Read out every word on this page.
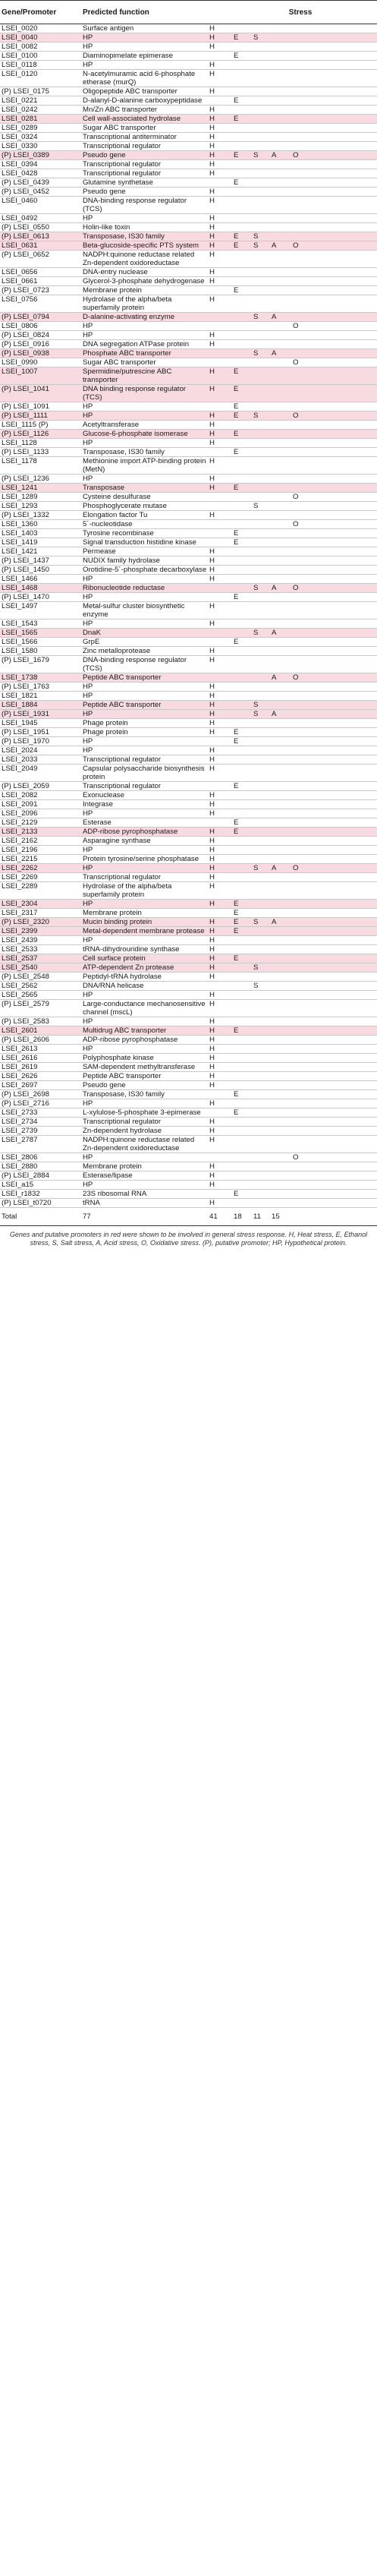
Gene/Promoter	Predicted function	Stress				
LSEI_0020	Surface antigen	H				
LSEI_0040	HP	H	E	S		
LSEI_0082	HP	H				
LSEI_0100	Diaminopimelate epimerase		E			
LSEI_0118	HP	H				
LSEI_0120	N-acetylmuramic acid 6-phosphate etherase (murQ)	H				
(P) LSEI_0175	Oligopeptide ABC transporter	H				
LSEI_0221	D-alanyl-D-alanine carboxypeptidase		E			
LSEI_0242	Mn/Zn ABC transporter	H				
LSEI_0281	Cell wall-associated hydrolase	H	E			
LSEI_0289	Sugar ABC transporter	H				
LSEI_0324	Transcriptional antiterminator	H				
LSEI_0330	Transcriptional regulator	H				
(P) LSEI_0389	Pseudo gene	H	E	S	A	O
LSEI_0394	Transcriptional regulator	H				
LSEI_0428	Transcriptional regulator	H				
(P) LSEI_0439	Glutamine synthetase		E			
(P) LSEI_0452	Pseudo gene	H				
LSEI_0460	DNA-binding response regulator (TCS)	H				
LSEI_0492	HP	H				
(P) LSEI_0550	Holin-like toxin	H				
(P) LSEI_0613	Transposase, IS30 family	H	E	S		
LSEI_0631	Beta-glucoside-specific PTS system	H	E	S	A	O
(P) LSEI_0652	NADPH:quinone reductase related Zn-dependent oxidoreductase	H				
LSEI_0656	DNA-entry nuclease	H				
LSEI_0661	Glycerol-3-phosphate dehydrogenase	H				
(P) LSEI_0723	Membrane protein		E			
LSEI_0756	Hydrolase of the alpha/beta superfamily protein	H				
(P) LSEI_0794	D-alanine-activating enzyme			S	A	
LSEI_0806	HP					O
(P) LSEI_0824	HP	H				
(P) LSEI_0916	DNA segregation ATPase protein	H				
(P) LSEI_0938	Phosphate ABC transporter			S	A	
LSEI_0990	Sugar ABC transporter					O
LSEI_1007	Spermidine/putrescine ABC transporter	H	E			
(P) LSEI_1041	DNA binding response regulator (TCS)	H	E			
(P) LSEI_1091	HP		E			
(P) LSEI_1111	HP	H	E	S		O
LSEI_1115 (P)	Acetyltransferase	H				
(P) LSEI_1126	Glucose-6-phosphate isomerase	H	E			
LSEI_1128	HP	H				
(P) LSEI_1133	Transposase, IS30 family		E			
LSEI_1178	Methionine import ATP-binding protein (MetN)	H				
(P) LSEI_1236	HP	H				
LSEI_1241	Transposase	H	E			
LSEI_1289	Cysteine desulfurase					O
LSEI_1293	Phosphoglycerate mutase			S		
(P) LSEI_1332	Elongation factor Tu	H				
LSEI_1360	5´-nucleotidase					O
LSEI_1403	Tyrosine recombinase		E			
LSEI_1419	Signal transduction histidine kinase		E			
LSEI_1421	Permease	H				
(P) LSEI_1437	NUDIX family hydrolase	H				
(P) LSEI_1450	Orotidine-5´-phosphate decarboxylase	H				
LSEI_1466	HP	H				
LSEI_1468	Ribonucleotide reductase			S	A	O
(P) LSEI_1470	HP		E			
LSEI_1497	Metal-sulfur cluster biosynthetic enzyme	H				
LSEI_1543	HP	H				
LSEI_1565	DnaK			S	A	
LSEI_1566	GrpE		E			
LSEI_1580	Zinc metalloprotease	H				
(P) LSEI_1679	DNA-binding response regulator (TCS)	H				
LSEI_1738	Peptide ABC transporter				A	O
(P) LSEI_1763	HP	H				
LSEI_1821	HP	H				
LSEI_1884	Peptide ABC transporter	H		S		
(P) LSEI_1931	HP	H		S	A	
LSEI_1945	Phage protein	H				
(P) LSEI_1951	Phage protein	H	E			
(P) LSEI_1970	HP		E			
LSEI_2024	HP	H				
LSEI_2033	Transcriptional regulator	H				
LSEI_2049	Capsular polysaccharide biosynthesis protein	H				
(P) LSEI_2059	Transcriptional regulator		E			
LSEI_2082	Exonuclease	H				
LSEI_2091	Integrase	H				
LSEI_2096	HP	H				
LSEI_2129	Esterase		E			
LSEI_2133	ADP-ribose pyrophosphatase	H	E			
LSEI_2162	Asparagine synthase	H				
LSEI_2196	HP	H				
LSEI_2215	Protein tyrosine/serine phosphatase	H				
LSEI_2262	HP	H		S	A	O
LSEI_2269	Transcriptional regulator	H				
LSEI_2289	Hydrolase of the alpha/beta superfamily protein	H				
LSEI_2304	HP	H	E			
LSEI_2317	Membrane protein		E			
(P) LSEI_2320	Mucin binding protein	H	E	S	A	
LSEI_2399	Metal-dependent membrane protease	H	E			
LSEI_2439	HP	H				
LSEI_2533	tRNA-dihydrouridine synthase	H				
LSEI_2537	Cell surface protein	H	E			
LSEI_2540	ATP-dependent Zn protease	H		S		
(P) LSEI_2548	Peptidyl-tRNA hydrolase	H				
LSEI_2562	DNA/RNA helicase			S		
LSEI_2565	HP	H				
(P) LSEI_2579	Large-conductance mechanosensitive channel (mscL)	H				
(P) LSEI_2583	HP	H				
LSEI_2601	Multidrug ABC transporter	H	E			
(P) LSEI_2606	ADP-ribose pyrophosphatase	H				
LSEI_2613	HP	H				
LSEI_2616	Polyphosphate kinase	H				
LSEI_2619	SAM-dependent methyltransferase	H				
LSEI_2626	Peptide ABC transporter	H				
LSEI_2697	Pseudo gene	H				
(P) LSEI_2698	Transposase, IS30 family		E			
(P) LSEI_2716	HP	H				
LSEI_2733	L-xylulose-5-phosphate 3-epimerase		E			
LSEI_2734	Transcriptional regulator	H				
LSEI_2739	Zn-dependent hydrolase	H				
LSEI_2787	NADPH:quinone reductase related Zn-dependent oxidoreductase	H				
LSEI_2806	HP					O
LSEI_2880	Membrane protein	H				
(P) LSEI_2884	Esterase/lipase	H				
LSEI_a15	HP	H				
LSEI_r1832	23S ribosomal RNA		E			
(P) LSEI_t0720	tRNA	H				
Total	77	41	18	11	15	
Genes and putative promoters in red were shown to be involved in general stress response. H, Heat stress, E, Ethanol stress, S, Salt stress, A, Acid stress, O, Oxidative stress. (P), putative promoter; HP, Hypothetical protein.
